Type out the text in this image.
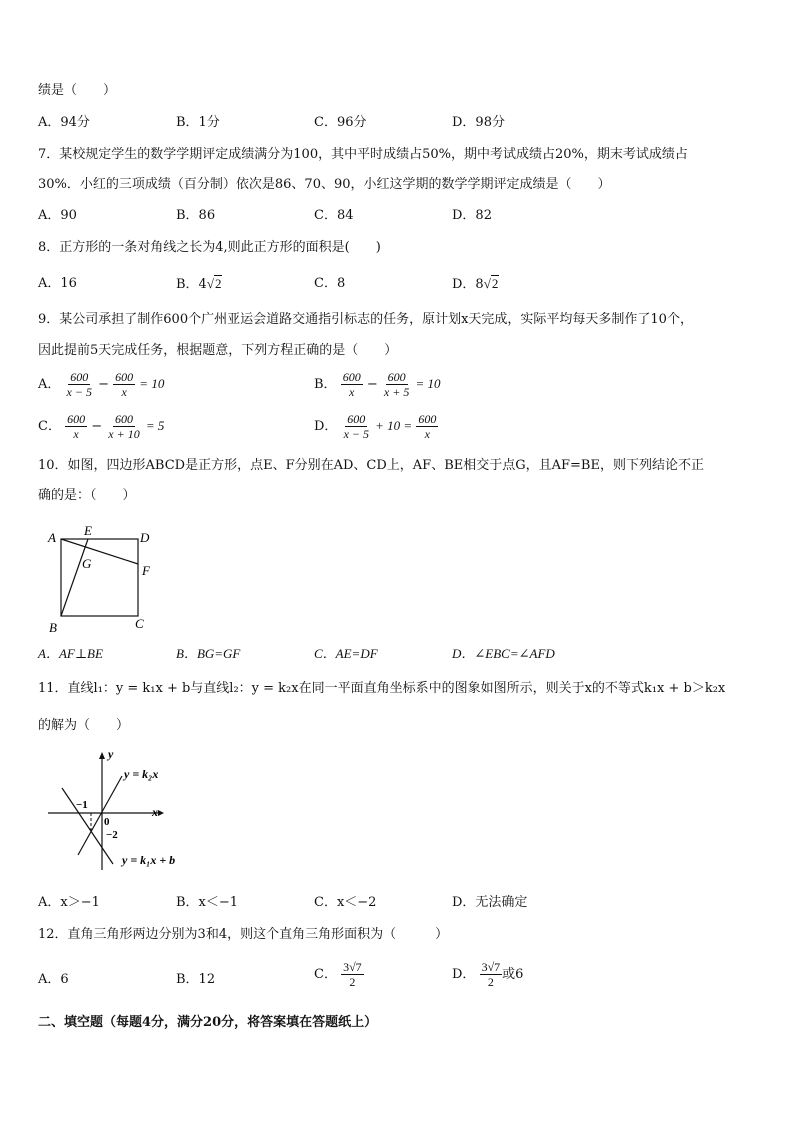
绩是（　　）
A．94分	B．1分	C．96分	D．98分
7．某校规定学生的数学学期评定成绩满分为100，其中平时成绩占50%，期中考试成绩占20%，期末考试成绩占
30%．小红的三项成绩（百分制）依次是86、70、90，小红这学期的数学学期评定成绩是（　　）
A．90	B．86	C．84	D．82
8．正方形的一条对角线之长为4,则此正方形的面积是(　　)
A．16	B．4√2	C．8	D．8√2
9．某公司承担了制作600个广州亚运会道路交通指引标志的任务，原计划x天完成，实际平均每天多制作了10个，
因此提前5天完成任务，根据题意，下列方程正确的是（　　）
A． $\frac{600}{x - 5} - \frac{600}{x} = 10$	B． $\frac{600}{x} - \frac{600}{x + 5} = 10$
C． $\frac{600}{x} - \frac{600}{x + 10} = 5$	D． $\frac{600}{x - 5} + 10 = \frac{600}{x}$
10．如图，四边形ABCD是正方形，点E、F分别在AD、CD上，AF、BE相交于点G，且AF=BE，则下列结论不正
确的是：（　　）
A E	D
G	F
B	C
A．AF⊥BE	B．BG=GF	C．AE=DF	D．∠EBC=∠AFD
11．直线l₁：y = k₁x + b与直线l₂：y = k₂x在同一平面直角坐标系中的图象如图所示，则关于x的不等式k₁x + b＞k₂x
的解为（　　）
y
x
0
−1
−2
y = k₂x
y = k₁x + b
A．x＞−1	B．x＜−1	C．x＜−2	D．无法确定
12．直角三角形两边分别为3和4，则这个直角三角形面积为（　　　）
A．6	B．12	C． $\frac{3√7}{2}$	D． $\frac{3√7}{2}$ 或6
二、填空题（每题4分，满分20分，将答案填在答题纸上）
